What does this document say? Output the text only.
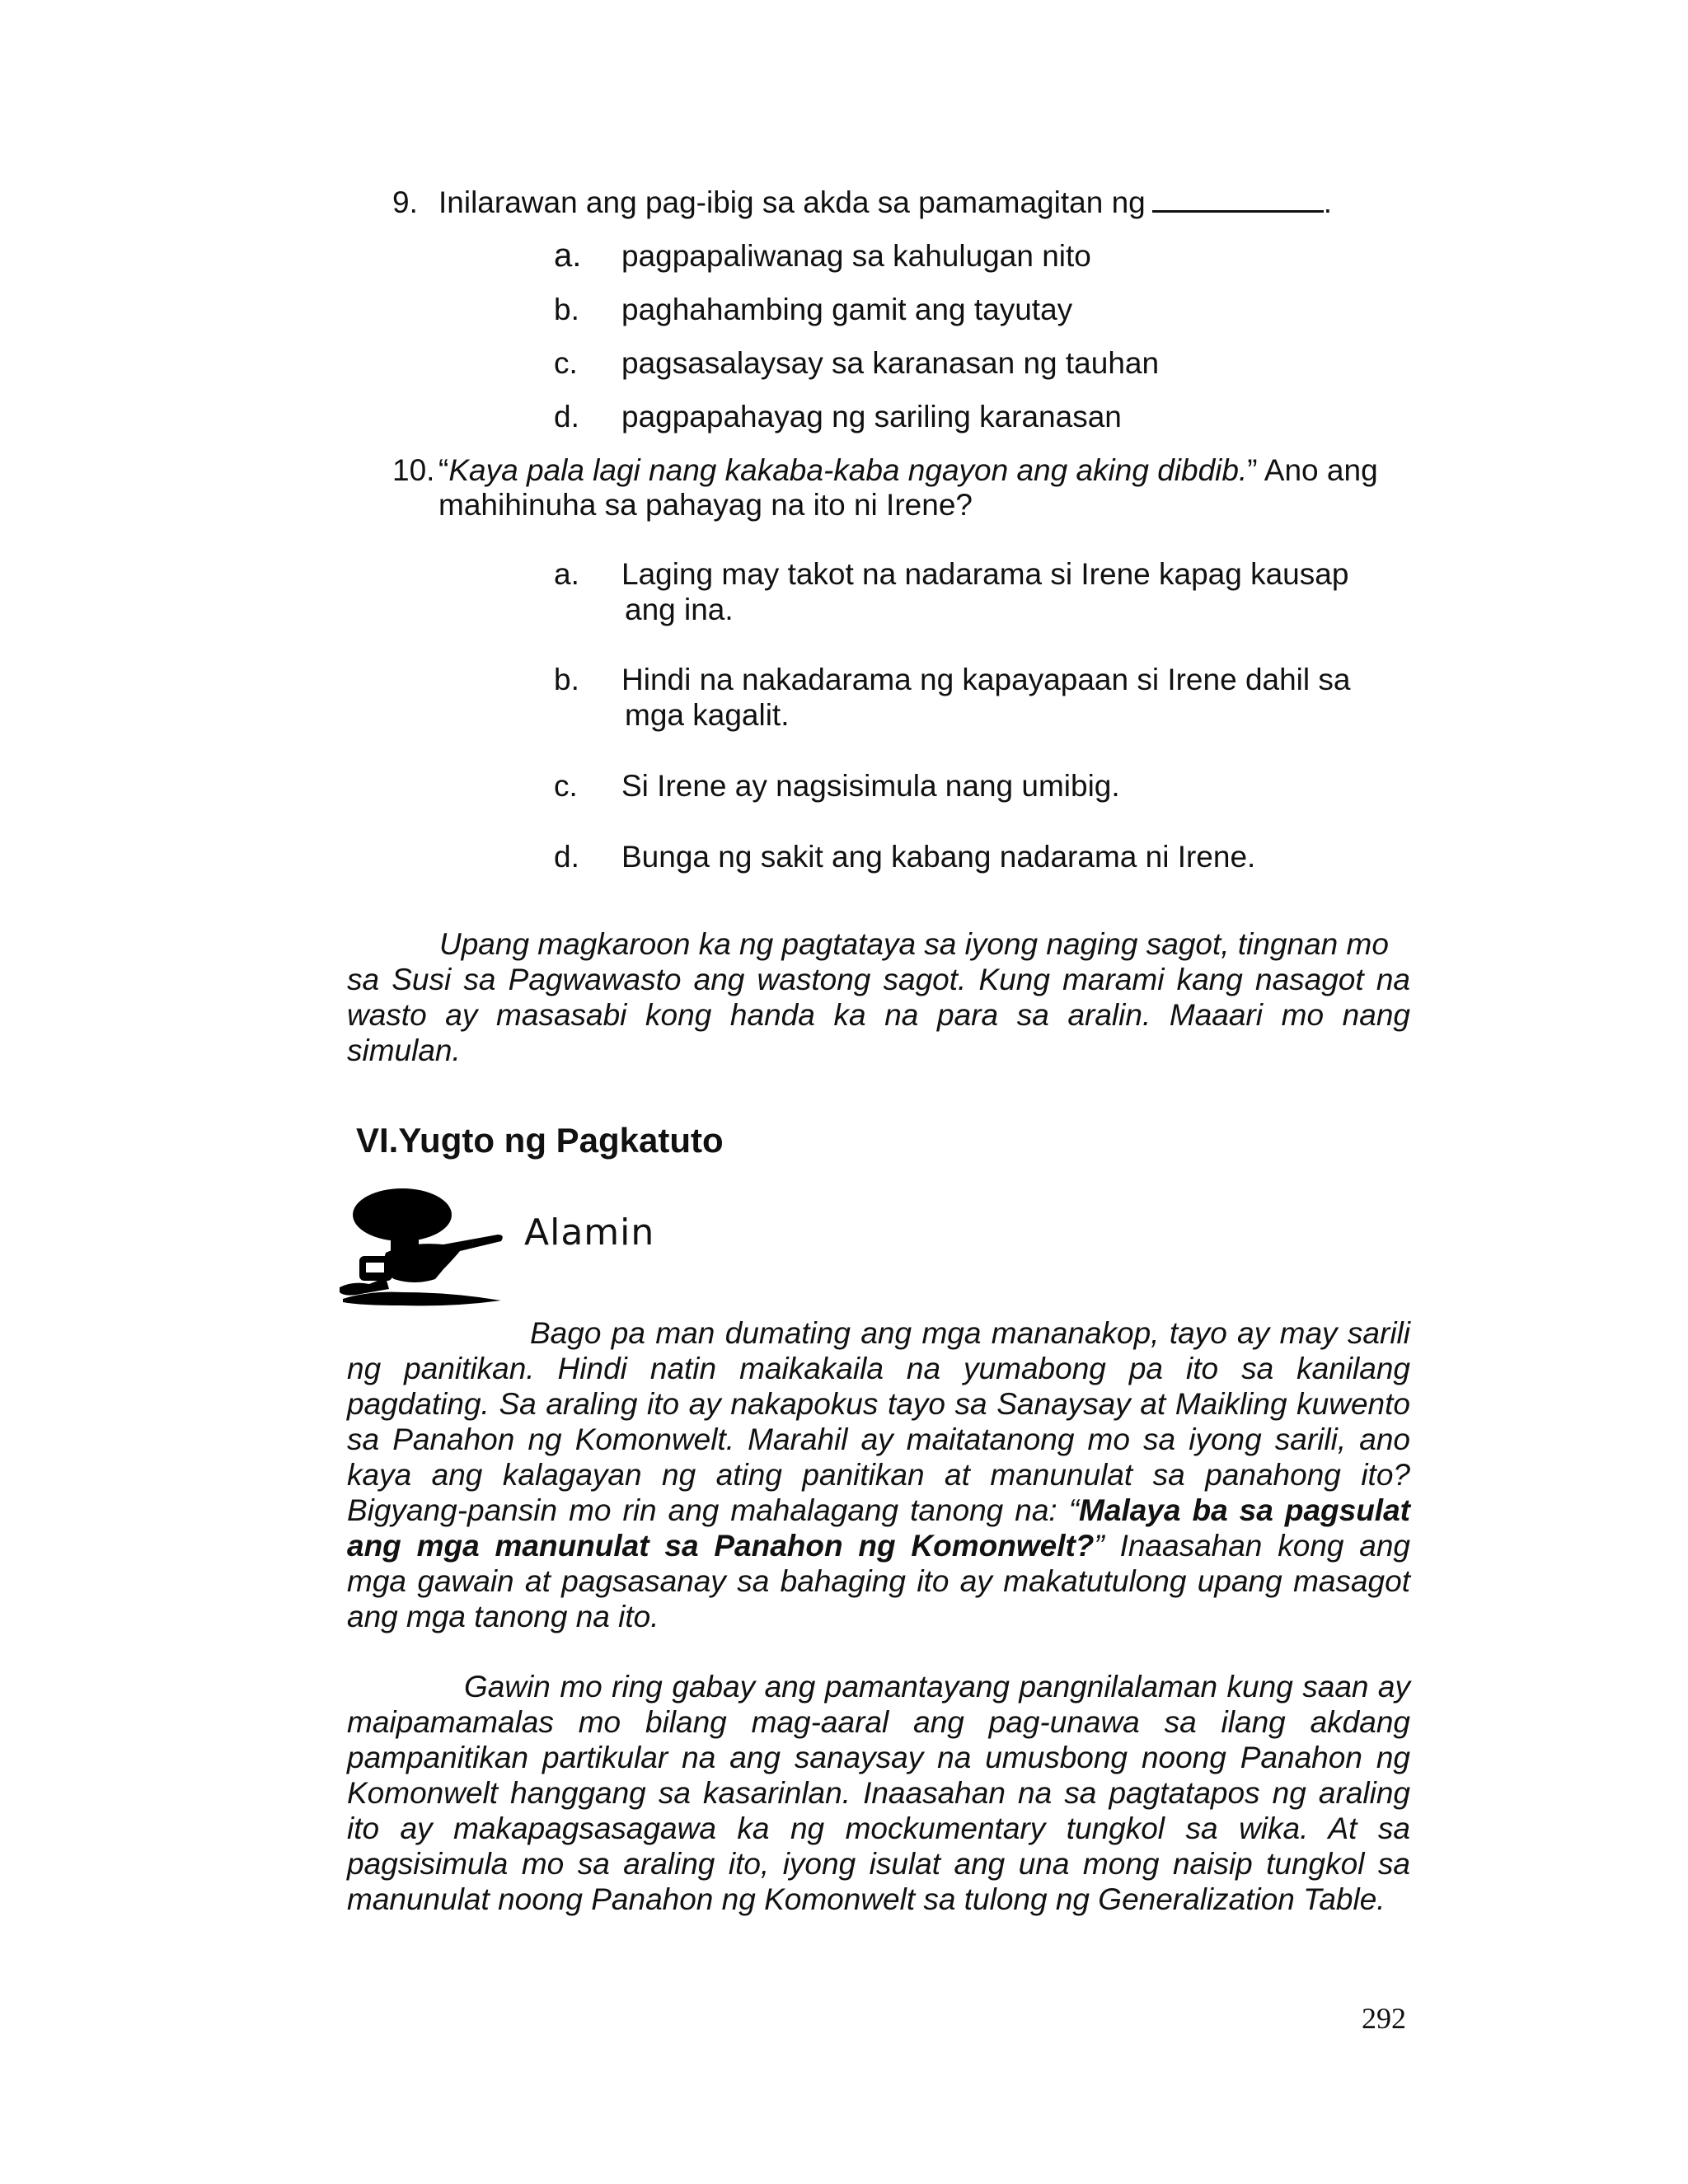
9. Inilarawan ang pag-ibig sa akda sa pamamagitan ng	.
a. pagpapaliwanag sa kahulugan nito
b. paghahambing gamit ang tayutay
c. pagsasalaysay sa karanasan ng tauhan
d. pagpapahayag ng sariling karanasan
10. “Kaya pala lagi nang kakaba-kaba ngayon ang aking dibdib.” Ano ang
mahihinuha sa pahayag na ito ni Irene?
a. Laging may takot na nadarama si Irene kapag kausap
ang ina.
b. Hindi na nakadarama ng kapayapaan si Irene dahil sa
mga kagalit.
c. Si Irene ay nagsisimula nang umibig.
d. Bunga ng sakit ang kabang nadarama ni Irene.
Upang magkaroon ka ng pagtataya sa iyong naging sagot, tingnan mo
sa Susi sa Pagwawasto ang wastong sagot. Kung marami kang nasagot na
wasto ay masasabi kong handa ka na para sa aralin. Maaari mo nang
simulan.
VI.Yugto ng Pagkatuto
Alamin
Bago pa man dumating ang mga mananakop, tayo ay may sarili
ng panitikan. Hindi natin maikakaila na yumabong pa ito sa kanilang
pagdating. Sa araling ito ay nakapokus tayo sa Sanaysay at Maikling kuwento
sa Panahon ng Komonwelt. Marahil ay maitatanong mo sa iyong sarili, ano
kaya ang kalagayan ng ating panitikan at manunulat sa panahong ito?
Bigyang-pansin mo rin ang mahalagang tanong na: “Malaya ba sa pagsulat
ang mga manunulat sa Panahon ng Komonwelt?” Inaasahan kong ang
mga gawain at pagsasanay sa bahaging ito ay makatutulong upang masagot
ang mga tanong na ito.
Gawin mo ring gabay ang pamantayang pangnilalaman kung saan ay
maipamamalas mo bilang mag-aaral ang pag-unawa sa ilang akdang
pampanitikan partikular na ang sanaysay na umusbong noong Panahon ng
Komonwelt hanggang sa kasarinlan. Inaasahan na sa pagtatapos ng araling
ito ay makapagsasagawa ka ng mockumentary tungkol sa wika. At sa
pagsisimula mo sa araling ito, iyong isulat ang una mong naisip tungkol sa
manunulat noong Panahon ng Komonwelt sa tulong ng Generalization Table.
292
